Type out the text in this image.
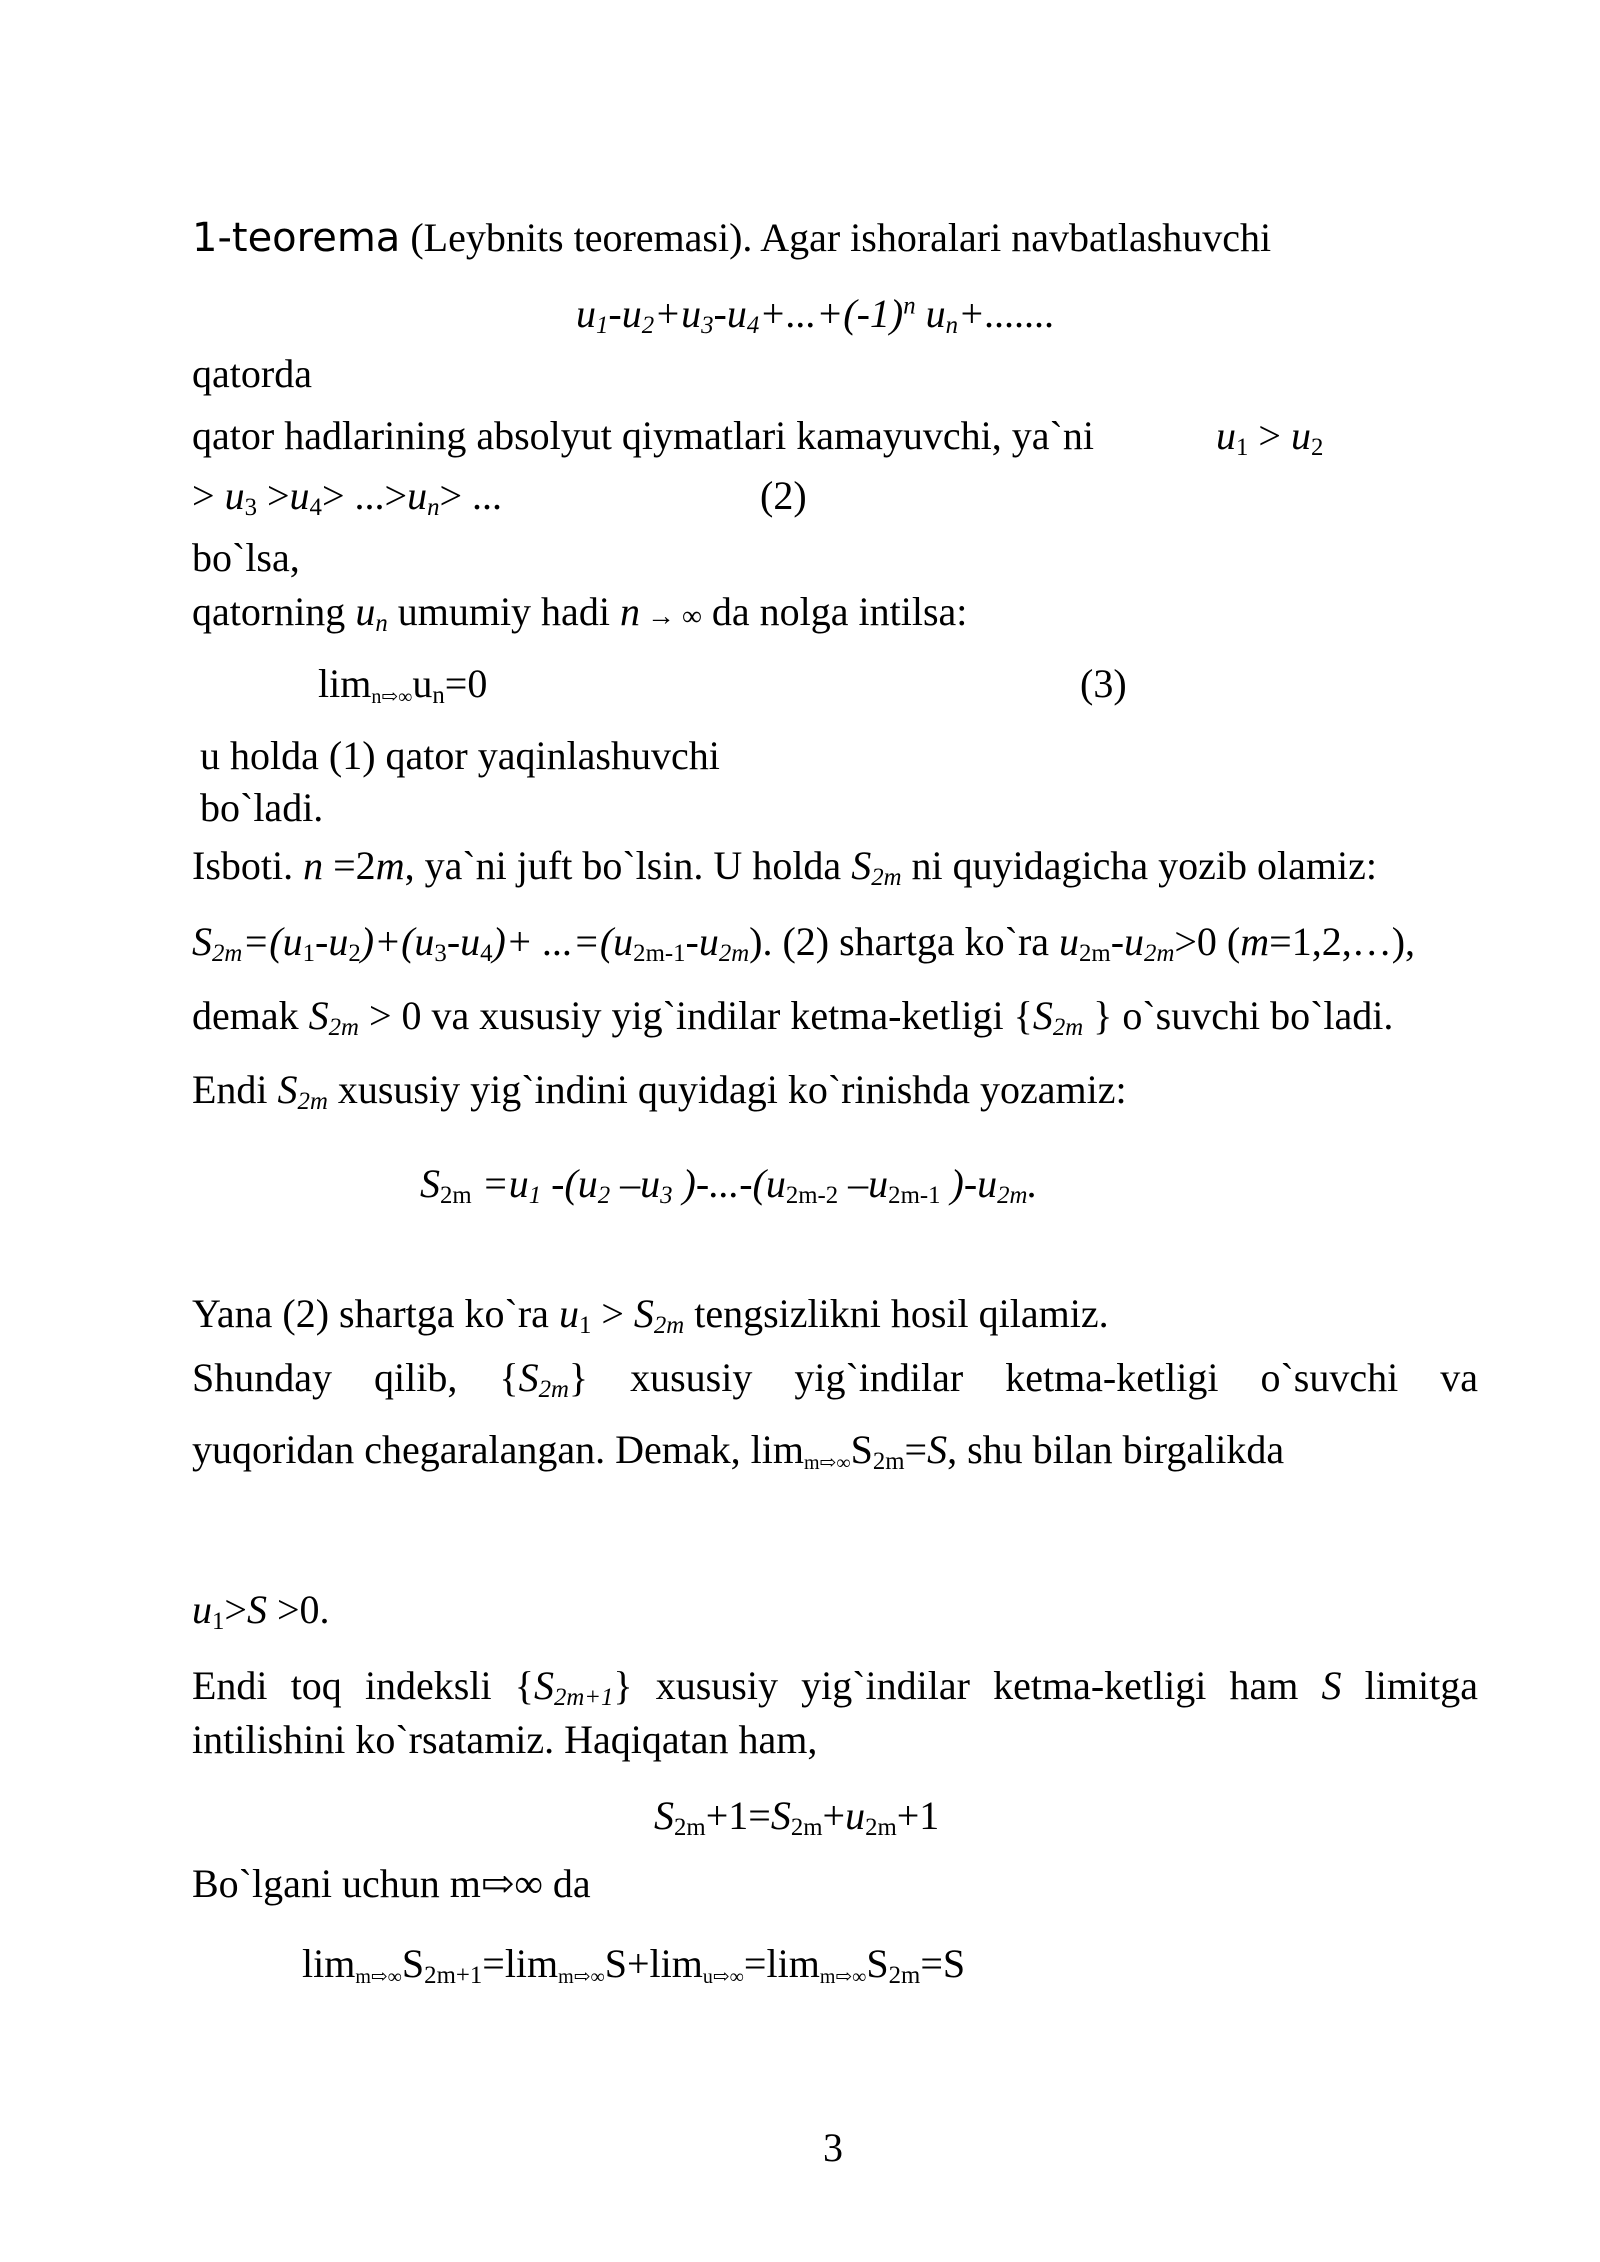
1-teorema (Leybnits teoremasi). Agar ishoralari navbatlashuvchi
$u_1-u_2+u_3-u_4+...+(-1)^n$ $u_n+$.......
qatorda
qator hadlarining absolyut qiymatlari kamayuvchi, ya`ni	$u_1 > u_2$
> $u_3 >u_4> ...>u_n>$ ...	(2)
bo`lsa,
qatorning $u_n$ umumiy hadi n → ∞ da nolga intilsa:
$\lim n⇨\infty u_n=0$	(3)
u holda (1) qator yaqinlashuvchi
bo`ladi.
Isboti. n =2m, ya`ni juft bo`lsin. U holda $S_{2m}$ ni quyidagicha yozib olamiz:
$S_{2m}=(u_1-u_2)+(u_3-u_4)+ ...=(u_{2m-1}-u_{2m})$. (2) shartga ko`ra $u_{2m}-u_{2m}>0$ (m=1,2,…),
demak $S_{2m} > 0$ va xususiy yig`indilar ketma-ketligi {$S_{2m}$ } o`suvchi bo`ladi.
Endi $S_{2m}$ xususiy yig`indini quyidagi ko`rinishda yozamiz:
$S_{2m} =u_1$ $-(u_2$ $-u_3$ )$-...-(u_{2m-2}$ $-u_{2m-1}$ )$-u_{2m}$.
Yana (2) shartga ko`ra $u_1 > S_{2m}$ tengsizlikni hosil qilamiz.
Shunday qilib, $\{S_{2m}\}$ xususiy yig`indilar ketma-ketligi o`suvchi va
yuqoridan chegaralangan. Demak, $\lim m⇨\infty S_{2m}=S$, shu bilan birgalikda
$u_1>S >0$.
Endi toq indeksli $\{S_{2m+1}\}$ xususiy yig`indilar ketma-ketligi ham S limitga
intilishini ko`rsatamiz. Haqiqatan ham,
$S_{2m}+1=S_{2m}+u_{2m}+1$
Bo`lgani uchun m⇨∞ da
$\lim m⇨\infty S_{2m+1}=\lim m⇨\infty S+\lim u⇨\infty=\lim m⇨\infty S_{2m}=S$
3
